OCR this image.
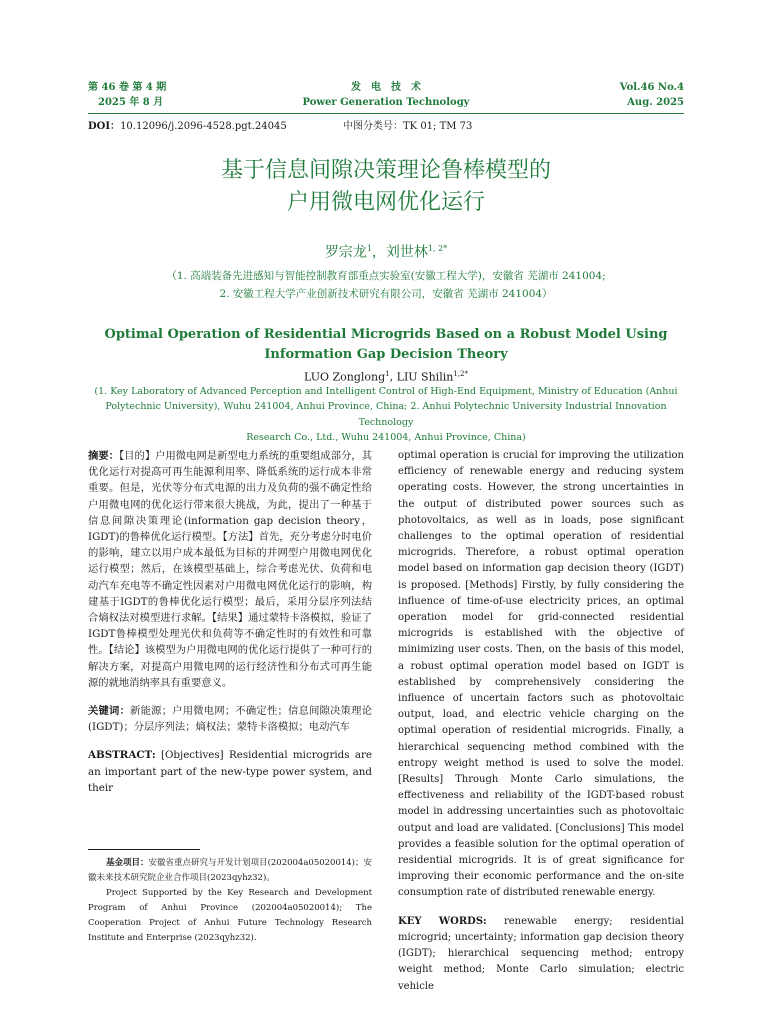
第 46 卷 第 4 期
2025 年 8 月
发　电　技　术
Power Generation Technology
Vol.46 No.4
Aug. 2025
DOI：10.12096/j.2096-4528.pgt.24045	中图分类号：TK 01; TM 73
基于信息间隙决策理论鲁棒模型的
户用微电网优化运行
罗宗龙$^1$，刘世林$^{1, 2*}$
（1. 高端装备先进感知与智能控制教育部重点实验室(安徽工程大学)，安徽省 芜湖市 241004;
2. 安徽工程大学产业创新技术研究有限公司，安徽省 芜湖市 241004）
Optimal Operation of Residential Microgrids Based on a Robust Model Using
Information Gap Decision Theory
LUO Zonglong$^1$, LIU Shilin$^{1,2*}$
(1. Key Laboratory of Advanced Perception and Intelligent Control of High-End Equipment, Ministry of Education (Anhui
Polytechnic University), Wuhu 241004, Anhui Province, China; 2. Anhui Polytechnic University Industrial Innovation Technology
Research Co., Ltd., Wuhu 241004, Anhui Province, China)

摘要：【目的】户用微电网是新型电力系统的重要组成部分，其优化运行对提高可再生能源利用率、降低系统的运行成本非常重要。但是，光伏等分布式电源的出力及负荷的强不确定性给户用微电网的优化运行带来很大挑战，为此，提出了一种基于信息间隙决策理论(information gap decision theory，IGDT)的鲁棒优化运行模型。【方法】首先，充分考虑分时电价的影响，建立以用户成本最低为目标的并网型户用微电网优化运行模型；然后，在该模型基础上，综合考虑光伏、负荷和电动汽车充电等不确定性因素对户用微电网优化运行的影响，构建基于IGDT的鲁棒优化运行模型；最后，采用分层序列法结合熵权法对模型进行求解。【结果】通过蒙特卡洛模拟，验证了IGDT鲁棒模型处理光伏和负荷等不确定性时的有效性和可靠性。【结论】该模型为户用微电网的优化运行提供了一种可行的解决方案，对提高户用微电网的运行经济性和分布式可再生能源的就地消纳率具有重要意义。

关键词：新能源；户用微电网；不确定性；信息间隙决策理论(IGDT)；分层序列法；熵权法；蒙特卡洛模拟；电动汽车

ABSTRACT: [Objectives] Residential microgrids are an important part of the new-type power system, and their

基金项目：安徽省重点研究与开发计划项目(202004a05020014)；安徽未来技术研究院企业合作项目(2023qyhz32)。

Project Supported by the Key Research and Development Program of Anhui Province (202004a05020014); The Cooperation Project of Anhui Future Technology Research Institute and Enterprise (2023qyhz32).

optimal operation is crucial for improving the utilization efficiency of renewable energy and reducing system operating costs. However, the strong uncertainties in the output of distributed power sources such as photovoltaics, as well as in loads, pose significant challenges to the optimal operation of residential microgrids. Therefore, a robust optimal operation model based on information gap decision theory (IGDT) is proposed. [Methods] Firstly, by fully considering the influence of time-of-use electricity prices, an optimal operation model for grid-connected residential microgrids is established with the objective of minimizing user costs. Then, on the basis of this model, a robust optimal operation model based on IGDT is established by comprehensively considering the influence of uncertain factors such as photovoltaic output, load, and electric vehicle charging on the optimal operation of residential microgrids. Finally, a hierarchical sequencing method combined with the entropy weight method is used to solve the model. [Results] Through Monte Carlo simulations, the effectiveness and reliability of the IGDT-based robust model in addressing uncertainties such as photovoltaic output and load are validated. [Conclusions] This model provides a feasible solution for the optimal operation of residential microgrids. It is of great significance for improving their economic performance and the on-site consumption rate of distributed renewable energy.

KEY WORDS: renewable energy; residential microgrid; uncertainty; information gap decision theory (IGDT); hierarchical sequencing method; entropy weight method; Monte Carlo simulation; electric vehicle
